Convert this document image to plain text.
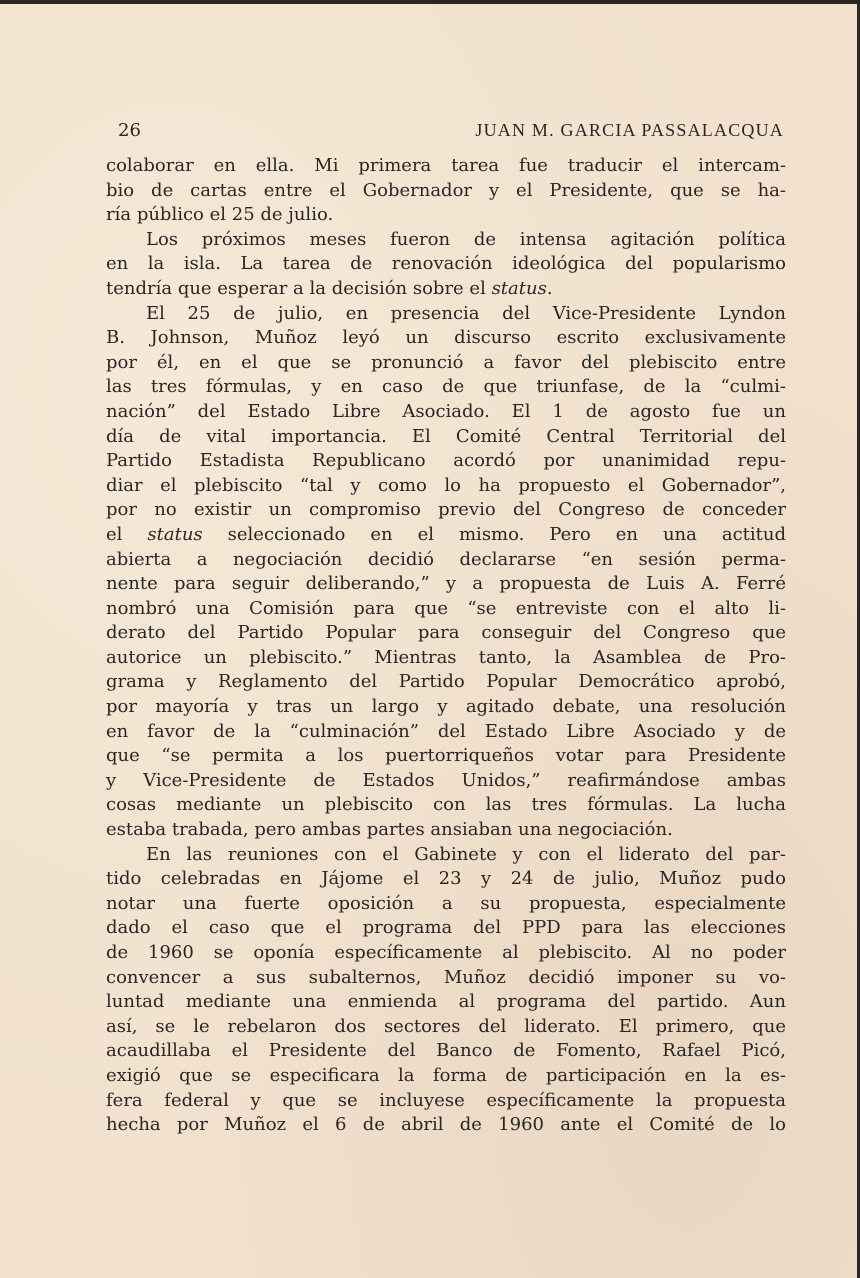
26	JUAN M. GARCIA PASSALACQUA
colaborar en ella. Mi primera tarea fue traducir el intercam-
bio de cartas entre el Gobernador y el Presidente, que se ha-
ría público el 25 de julio.
Los próximos meses fueron de intensa agitación política
en la isla. La tarea de renovación ideológica del popularismo
tendría que esperar a la decisión sobre el status.
El 25 de julio, en presencia del Vice-Presidente Lyndon
B. Johnson, Muñoz leyó un discurso escrito exclusivamente
por él, en el que se pronunció a favor del plebiscito entre
las tres fórmulas, y en caso de que triunfase, de la “culmi-
nación” del Estado Libre Asociado. El 1 de agosto fue un
día de vital importancia. El Comité Central Territorial del
Partido Estadista Republicano acordó por unanimidad repu-
diar el plebiscito “tal y como lo ha propuesto el Gobernador”,
por no existir un compromiso previo del Congreso de conceder
el status seleccionado en el mismo. Pero en una actitud
abierta a negociación decidió declararse “en sesión perma-
nente para seguir deliberando,” y a propuesta de Luis A. Ferré
nombró una Comisión para que “se entreviste con el alto li-
derato del Partido Popular para conseguir del Congreso que
autorice un plebiscito.” Mientras tanto, la Asamblea de Pro-
grama y Reglamento del Partido Popular Democrático aprobó,
por mayoría y tras un largo y agitado debate, una resolución
en favor de la “culminación” del Estado Libre Asociado y de
que “se permita a los puertorriqueños votar para Presidente
y Vice-Presidente de Estados Unidos,” reafirmándose ambas
cosas mediante un plebiscito con las tres fórmulas. La lucha
estaba trabada, pero ambas partes ansiaban una negociación.
En las reuniones con el Gabinete y con el liderato del par-
tido celebradas en Jájome el 23 y 24 de julio, Muñoz pudo
notar una fuerte oposición a su propuesta, especialmente
dado el caso que el programa del PPD para las elecciones
de 1960 se oponía específicamente al plebiscito. Al no poder
convencer a sus subalternos, Muñoz decidió imponer su vo-
luntad mediante una enmienda al programa del partido. Aun
así, se le rebelaron dos sectores del liderato. El primero, que
acaudillaba el Presidente del Banco de Fomento, Rafael Picó,
exigió que se especificara la forma de participación en la es-
fera federal y que se incluyese específicamente la propuesta
hecha por Muñoz el 6 de abril de 1960 ante el Comité de lo
